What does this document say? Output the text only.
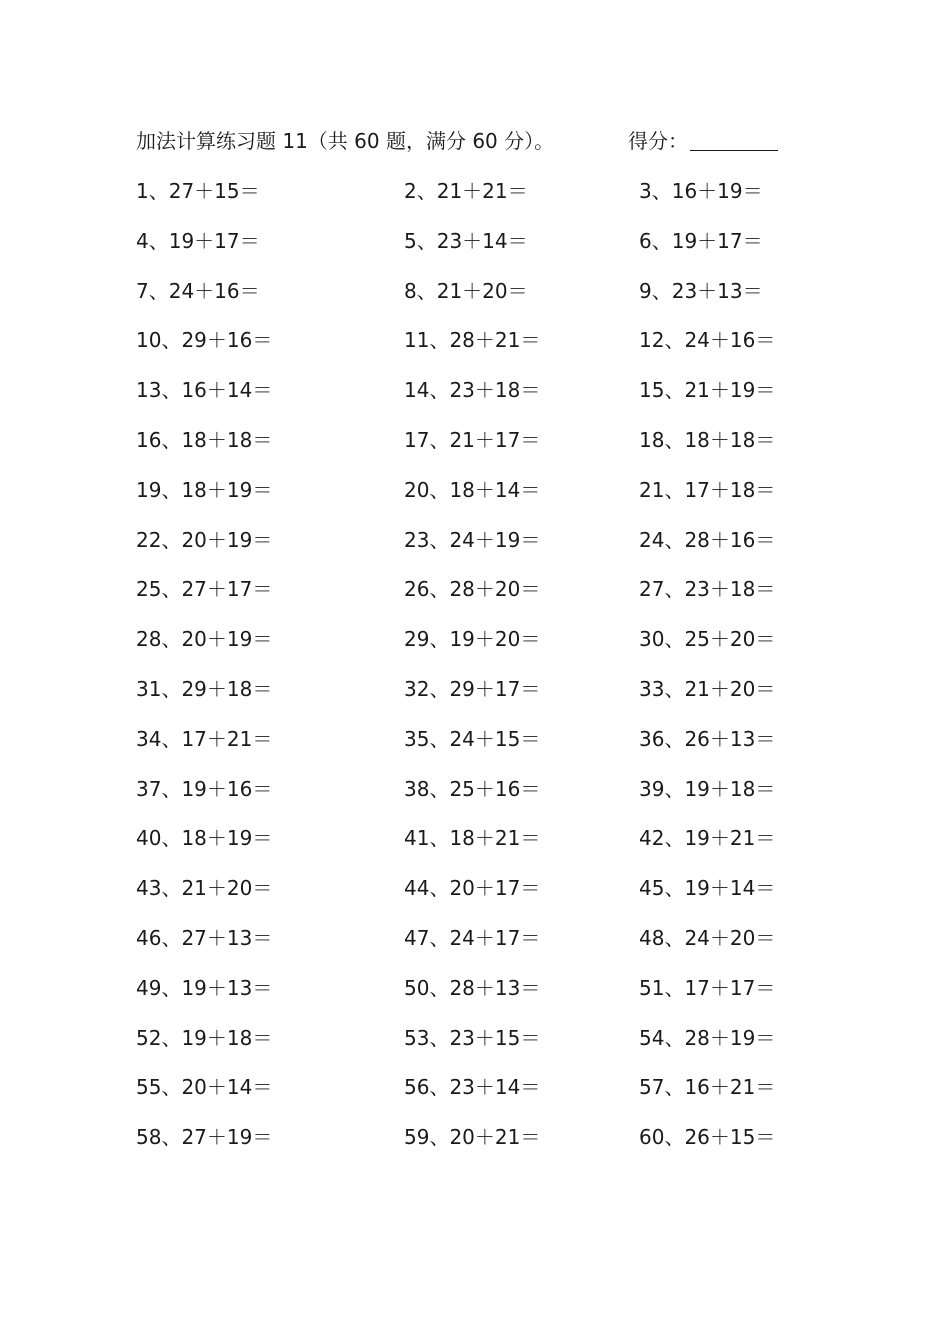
加法计算练习题 11（共 60 题，满分 60 分）。	得分：
1、27＋15＝	2、21＋21＝	3、16＋19＝
4、19＋17＝	5、23＋14＝	6、19＋17＝
7、24＋16＝	8、21＋20＝	9、23＋13＝
10、29＋16＝	11、28＋21＝	12、24＋16＝
13、16＋14＝	14、23＋18＝	15、21＋19＝
16、18＋18＝	17、21＋17＝	18、18＋18＝
19、18＋19＝	20、18＋14＝	21、17＋18＝
22、20＋19＝	23、24＋19＝	24、28＋16＝
25、27＋17＝	26、28＋20＝	27、23＋18＝
28、20＋19＝	29、19＋20＝	30、25＋20＝
31、29＋18＝	32、29＋17＝	33、21＋20＝
34、17＋21＝	35、24＋15＝	36、26＋13＝
37、19＋16＝	38、25＋16＝	39、19＋18＝
40、18＋19＝	41、18＋21＝	42、19＋21＝
43、21＋20＝	44、20＋17＝	45、19＋14＝
46、27＋13＝	47、24＋17＝	48、24＋20＝
49、19＋13＝	50、28＋13＝	51、17＋17＝
52、19＋18＝	53、23＋15＝	54、28＋19＝
55、20＋14＝	56、23＋14＝	57、16＋21＝
58、27＋19＝	59、20＋21＝	60、26＋15＝
